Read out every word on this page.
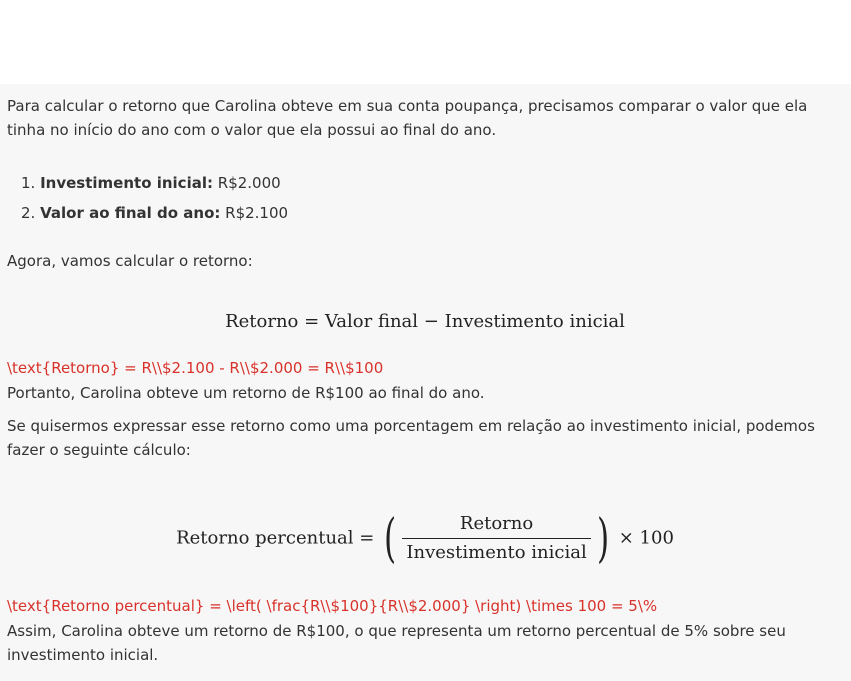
Para calcular o retorno que Carolina obteve em sua conta poupança, precisamos comparar o valor que ela tinha no início do ano com o valor que ela possui ao final do ano.

1. Investimento inicial: R$2.000
2. Valor ao final do ano: R$2.100

Agora, vamos calcular o retorno:

Retorno = Valor final − Investimento inicial
\text{Retorno} = R\\$2.100 - R\\$2.000 = R\\$100

Portanto, Carolina obteve um retorno de R$100 ao final do ano.

Se quisermos expressar esse retorno como uma porcentagem em relação ao investimento inicial, podemos fazer o seguinte cálculo:

Retorno percentual = ( $\frac{\text{Retorno}}{\text{Investimento inicial}}$ ) × 100
\text{Retorno percentual} = \left( \frac{R\\$100}{R\\$2.000} \right) \times 100 = 5\%

Assim, Carolina obteve um retorno de R$100, o que representa um retorno percentual de 5% sobre seu investimento inicial.
